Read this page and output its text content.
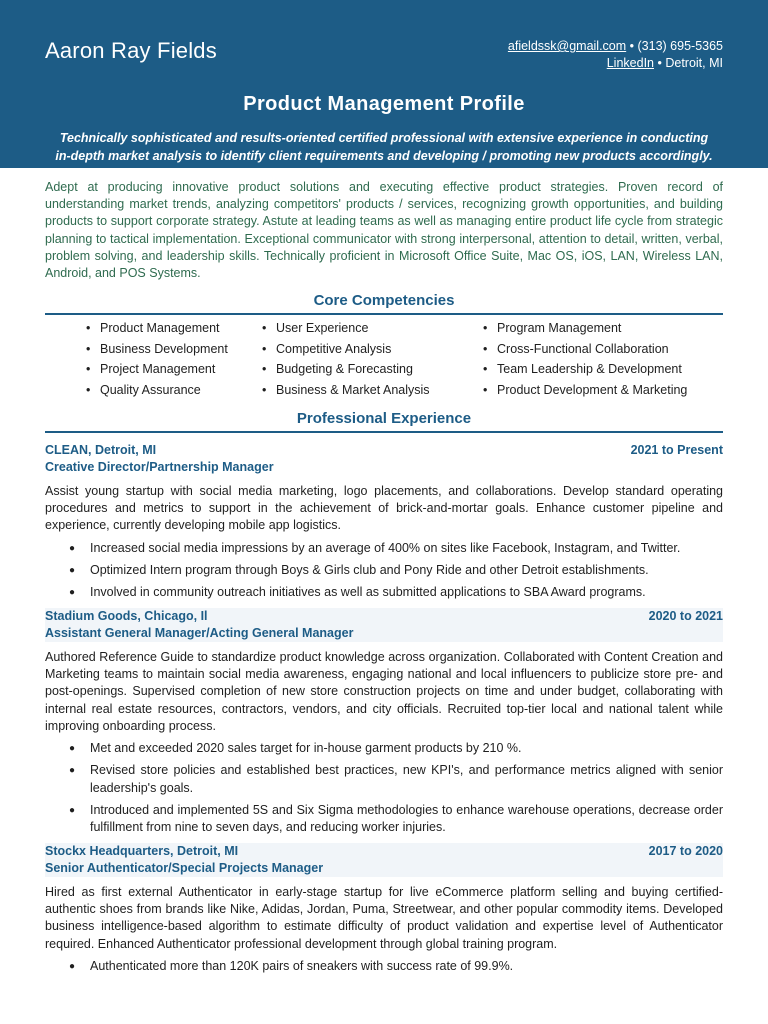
Aaron Ray Fields	afieldssk@gmail.com • (313) 695-5365
LinkedIn • Detroit, MI
Product Management Profile
Technically sophisticated and results-oriented certified professional with extensive experience in conducting in-depth market analysis to identify client requirements and developing / promoting new products accordingly.
Adept at producing innovative product solutions and executing effective product strategies. Proven record of understanding market trends, analyzing competitors' products / services, recognizing growth opportunities, and building products to support corporate strategy. Astute at leading teams as well as managing entire product life cycle from strategic planning to tactical implementation. Exceptional communicator with strong interpersonal, attention to detail, written, verbal, problem solving, and leadership skills. Technically proficient in Microsoft Office Suite, Mac OS, iOS, LAN, Wireless LAN, Android, and POS Systems.
Core Competencies
• Product Management
• Business Development
• Project Management
• Quality Assurance
• User Experience
• Competitive Analysis
• Budgeting & Forecasting
• Business & Market Analysis
• Program Management
• Cross-Functional Collaboration
• Team Leadership & Development
• Product Development & Marketing
Professional Experience
CLEAN, Detroit, MI	2021 to Present
Creative Director/Partnership Manager
Assist young startup with social media marketing, logo placements, and collaborations. Develop standard operating procedures and metrics to support in the achievement of brick-and-mortar goals. Enhance customer pipeline and experience, currently developing mobile app logistics.
● Increased social media impressions by an average of 400% on sites like Facebook, Instagram, and Twitter.
● Optimized Intern program through Boys & Girls club and Pony Ride and other Detroit establishments.
● Involved in community outreach initiatives as well as submitted applications to SBA Award programs.
Stadium Goods, Chicago, Il	2020 to 2021
Assistant General Manager/Acting General Manager
Authored Reference Guide to standardize product knowledge across organization. Collaborated with Content Creation and Marketing teams to maintain social media awareness, engaging national and local influencers to publicize store pre- and post-openings. Supervised completion of new store construction projects on time and under budget, collaborating with internal real estate resources, contractors, vendors, and city officials. Recruited top-tier local and national talent while improving onboarding process.
● Met and exceeded 2020 sales target for in-house garment products by 210 %.
● Revised store policies and established best practices, new KPI's, and performance metrics aligned with senior leadership's goals.
● Introduced and implemented 5S and Six Sigma methodologies to enhance warehouse operations, decrease order fulfillment from nine to seven days, and reducing worker injuries.
Stockx Headquarters, Detroit, MI	2017 to 2020
Senior Authenticator/Special Projects Manager
Hired as first external Authenticator in early-stage startup for live eCommerce platform selling and buying certified-authentic shoes from brands like Nike, Adidas, Jordan, Puma, Streetwear, and other popular commodity items. Developed business intelligence-based algorithm to estimate difficulty of product validation and expertise level of Authenticator required. Enhanced Authenticator professional development through global training program.
● Authenticated more than 120K pairs of sneakers with success rate of 99.9%.
